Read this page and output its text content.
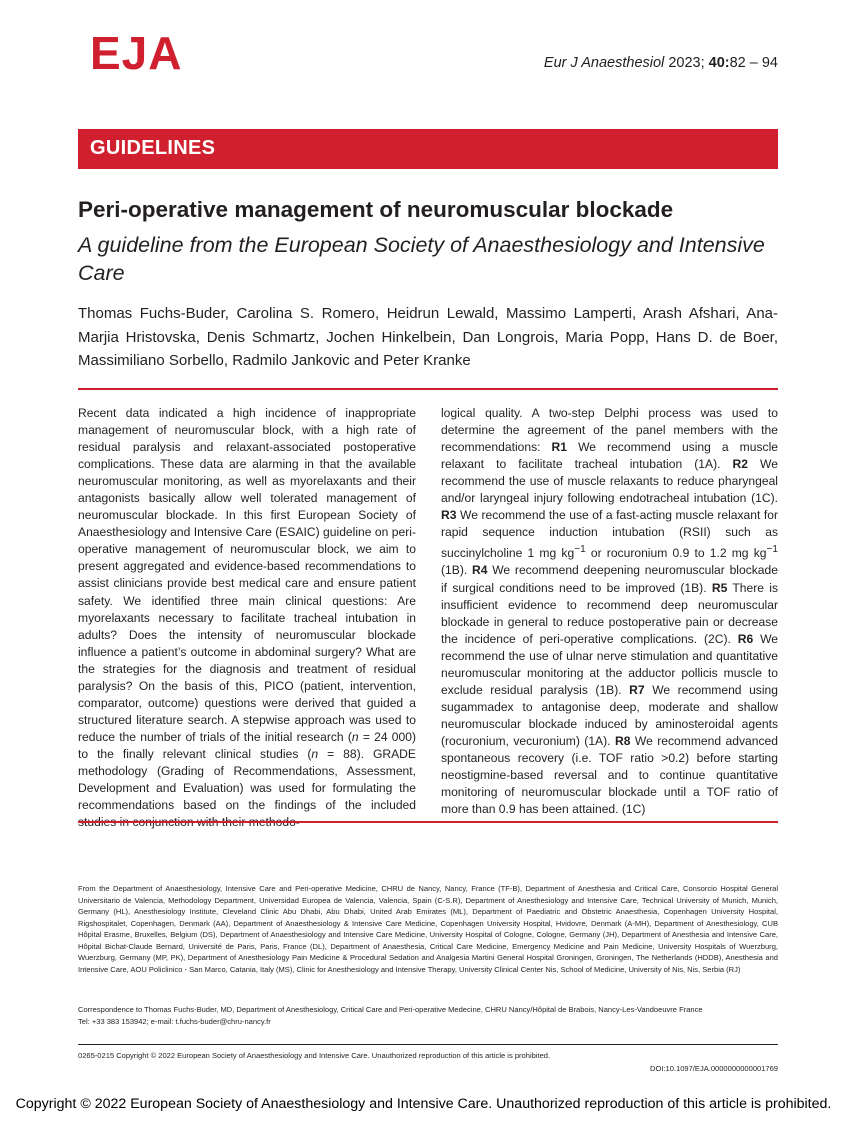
EJA	Eur J Anaesthesiol 2023; 40:82 – 94
GUIDELINES
Peri-operative management of neuromuscular blockade
A guideline from the European Society of Anaesthesiology and Intensive Care
Thomas Fuchs-Buder, Carolina S. Romero, Heidrun Lewald, Massimo Lamperti, Arash Afshari, Ana-Marjia Hristovska, Denis Schmartz, Jochen Hinkelbein, Dan Longrois, Maria Popp, Hans D. de Boer, Massimiliano Sorbello, Radmilo Jankovic and Peter Kranke

Recent data indicated a high incidence of inappropriate management of neuromuscular block, with a high rate of residual paralysis and relaxant-associated postoperative complications. These data are alarming in that the available neuromuscular monitoring, as well as myorelaxants and their antagonists basically allow well tolerated management of neuromuscular blockade. In this first European Society of Anaesthesiology and Intensive Care (ESAIC) guideline on peri-operative management of neuromuscular block, we aim to present aggregated and evidence-based recommendations to assist clinicians provide best medical care and ensure patient safety. We identified three main clinical questions: Are myorelaxants necessary to facilitate tracheal intubation in adults? Does the intensity of neuromuscular blockade influence a patient’s outcome in abdominal surgery? What are the strategies for the diagnosis and treatment of residual paralysis? On the basis of this, PICO (patient, intervention, comparator, outcome) questions were derived that guided a structured literature search. A stepwise approach was used to reduce the number of trials of the initial research (n = 24 000) to the finally relevant clinical studies (n = 88). GRADE methodology (Grading of Recommendations, Assessment, Development and Evaluation) was used for formulating the recommendations based on the findings of the included

logical quality. A two-step Delphi process was used to determine the agreement of the panel members with the recommendations: R1 We recommend using a muscle relaxant to facilitate tracheal intubation (1A). R2 We recommend the use of muscle relaxants to reduce pharyngeal and/or laryngeal injury following endotracheal intubation (1C). R3 We recommend the use of a fast-acting muscle relaxant for rapid sequence induction intubation (RSII) such as succinylcholine 1 mg $kg^{-1}$ or rocuronium 0.9 to 1.2 mg $kg^{-1}$ (1B). R4 We recommend deepening neuromuscular blockade if surgical conditions need to be improved (1B). R5 There is insufficient evidence to recommend deep neuromuscular blockade in general to reduce postoperative pain or decrease the incidence of peri-operative complications. (2C). R6 We recommend the use of ulnar nerve stimulation and quantitative neuromuscular monitoring at the adductor pollicis muscle to exclude residual paralysis (1B). R7 We recommend using sugammadex to antagonise deep, moderate and shallow neuromuscular blockade induced by aminosteroidal agents (rocuronium, vecuronium) (1A). R8 We recommend advanced spontaneous recovery (i.e. TOF ratio >0.2) before starting neostigmine-based reversal and to continue quantitative monitoring of neuromuscular blockade until a TOF ratio of more than 0.9 has been attained. (1C)

From the Department of Anaesthesiology, Intensive Care and Peri-operative Medicine, CHRU de Nancy, Nancy, France (TF-B), Department of Anesthesia and Critical Care, Consorcio Hospital General Universitario de Valencia, Methodology Department, Universidad Europea de Valencia, Valencia, Spain (C-S.R), Department of Anesthesiology and Intensive Care, Technical University of Munich, Munich, Germany (HL), Anesthesiology Institute, Cleveland Clinic Abu Dhabi, Abu Dhabi, United Arab Emirates (ML), Department of Paediatric and Obstetric Anaesthesia, Copenhagen University Hospital, Rigshospitalet, Copenhagen, Denmark (AA), Department of Anaesthesiology & Intensive Care Medicine, Copenhagen University Hospital, Hvidovre, Denmark (A-MH), Department of Anesthesiology, CUB Hôpital Erasme, Bruxelles, Belgium (DS), Department of Anaesthesiology and Intensive Care Medicine, University Hospital of Cologne, Cologne, Germany (JH), Department of Anesthesia and Intensive Care, Hôpital Bichat-Claude Bernard, Université de Paris, Paris, France (DL), Department of Anaesthesia, Critical Care Medicine, Emergency Medicine and Pain Medicine, University Hospitals of Wuerzburg, Wuerzburg, Germany (MP, PK), Department of Anesthesiology Pain Medicine & Procedural Sedation and Analgesia Martini General Hospital Groningen, Groningen, The Netherlands (HDDB), Anesthesia and Intensive Care, AOU Policlinico - San Marco, Catania, Italy (MS), Clinic for Anesthesiology and Intensive Therapy, University Clinical Center Nis, School of Medicine, University of Nis, Nis, Serbia (RJ)
Correspondence to Thomas Fuchs-Buder, MD, Department of Anesthesiology, Critical Care and Peri-operative Medecine, CHRU Nancy/Hôpital de Brabois, Nancy-Les-Vandoeuvre France
Tel: +33 383 153942; e-mail: t.fuchs-buder@chru-nancy.fr
0265-0215 Copyright © 2022 European Society of Anaesthesiology and Intensive Care. Unauthorized reproduction of this article is prohibited.
DOI:10.1097/EJA.0000000000001769
Copyright © 2022 European Society of Anaesthesiology and Intensive Care. Unauthorized reproduction of this article is prohibited.
